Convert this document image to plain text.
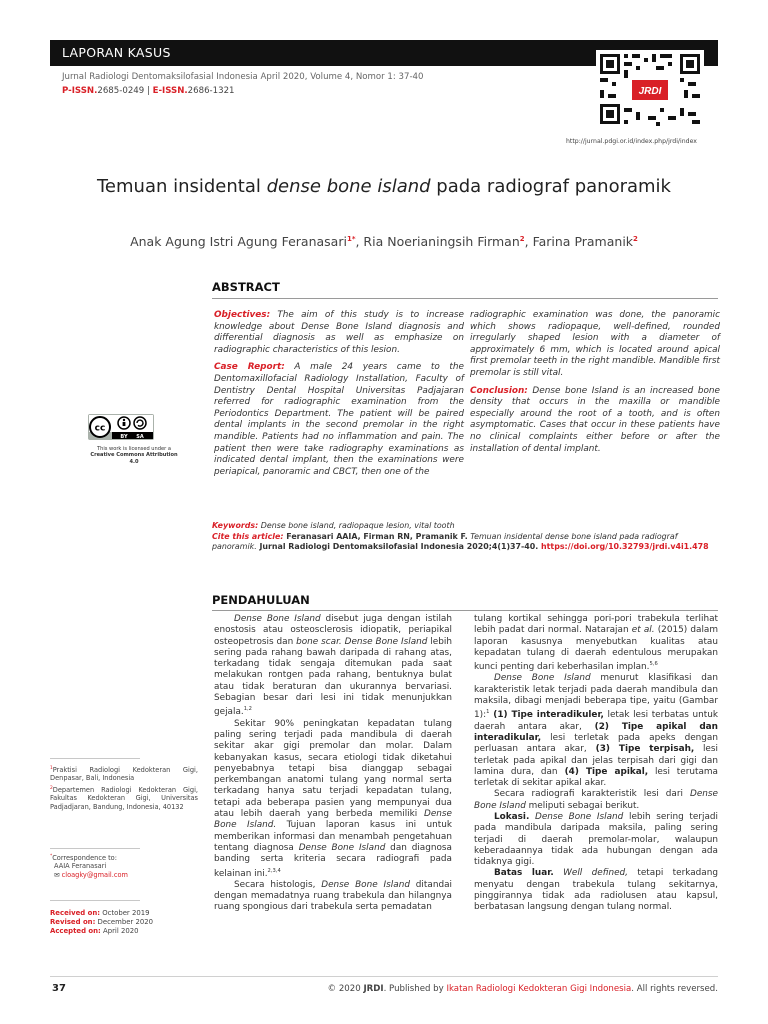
LAPORAN KASUS
Jurnal Radiologi Dentomaksilofasial Indonesia April 2020, Volume 4, Nomor 1: 37-40
P-ISSN.2685-0249 | E-ISSN.2686-1321	JRDI
http://jurnal.pdgi.or.id/index.php/jrdi/index
Temuan insidental dense bone island pada radiograf panoramik
Anak Agung Istri Agung Feranasari$^{1*}$, Ria Noerianingsih Firman$^2$, Farina Pramanik$^2$
ABSTRACT

Objectives: The aim of this study is to increase knowledge about Dense Bone Island diagnosis and differential diagnosis as well as emphasize on radiographic characteristics of this lesion.

Case Report: A male 24 years came to the Dentomaxillofacial Radiology Installation, Faculty of Dentistry Dental Hospital Universitas Padjajaran referred for radiographic examination from the Periodontics Department. The patient will be paired dental implants in the second premolar in the right mandible. Patients had no inflammation and pain. The patient then were take radiography examinations as indicated dental implant, then the examinations were periapical, panoramic and CBCT, then one of the

radiographic examination was done, the panoramic which shows radiopaque, well-defined, rounded irregularly shaped lesion with a diameter of approximately 6 mm, which is located around apical first premolar teeth in the right mandible. Mandible first premolar is still vital.

Conclusion: Dense bone Island is an increased bone density that occurs in the maxilla or mandible especially around the root of a tooth, and is often asymptomatic. Cases that occur in these patients have no clinical complaints either before or after the installation of dental implant.

cc
BY SA
This work is licensed under a
Creative Commons Attribution 4.0
Keywords: Dense bone island, radiopaque lesion, vital tooth
Cite this article: Feranasari AAIA, Firman RN, Pramanik F. Temuan insidental dense bone island pada radiograf panoramik. Jurnal Radiologi Dentomaksilofasial Indonesia 2020;4(1)37-40. https://doi.org/10.32793/jrdi.v4i1.478
PENDAHULUAN

Dense Bone Island disebut juga dengan istilah enostosis atau osteosclerosis idiopatik, periapikal osteopetrosis dan bone scar. Dense Bone Island lebih sering pada rahang bawah daripada di rahang atas, terkadang tidak sengaja ditemukan pada saat melakukan rontgen pada rahang, bentuknya bulat atau tidak beraturan dan ukurannya bervariasi. Sebagian besar dari lesi ini tidak menunjukkan gejala.$^{1,2}$

Sekitar 90% peningkatan kepadatan tulang paling sering terjadi pada mandibula di daerah sekitar akar gigi premolar dan molar. Dalam kebanyakan kasus, secara etiologi tidak diketahui penyebabnya tetapi bisa dianggap sebagai perkembangan anatomi tulang yang normal serta terkadang hanya satu terjadi kepadatan tulang, tetapi ada beberapa pasien yang mempunyai dua atau lebih daerah yang berbeda memiliki Dense Bone Island. Tujuan laporan kasus ini untuk memberikan informasi dan menambah pengetahuan tentang diagnosa Dense Bone Island dan diagnosa banding serta kriteria secara radiografi pada kelainan ini.$^{2,3,4}$

Secara histologis, Dense Bone Island ditandai dengan memadatnya ruang trabekula dan hilangnya ruang spongious dari trabekula serta pemadatan

tulang kortikal sehingga pori-pori trabekula terlihat lebih padat dari normal. Natarajan et al. (2015) dalam laporan kasusnya menyebutkan kualitas atau kepadatan tulang di daerah edentulous merupakan kunci penting dari keberhasilan implan.$^{5,6}$

Dense Bone Island menurut klasifikasi dan karakteristik letak terjadi pada daerah mandibula dan maksila, dibagi menjadi beberapa tipe, yaitu (Gambar 1):$^1$ (1) Tipe interadikuler, letak lesi terbatas untuk daerah antara akar, (2) Tipe apikal dan interadikular, lesi terletak pada apeks dengan perluasan antara akar, (3) Tipe terpisah, lesi terletak pada apikal dan jelas terpisah dari gigi dan lamina dura, dan (4) Tipe apikal, lesi terutama terletak di sekitar apikal akar.

Secara radiografi karakteristik lesi dari Dense Bone Island meliputi sebagai berikut.

Lokasi. Dense Bone Island lebih sering terjadi pada mandibula daripada maksila, paling sering terjadi di daerah premolar-molar, walaupun keberadaannya tidak ada hubungan dengan ada tidaknya gigi.

Batas luar. Well defined, tetapi terkadang menyatu dengan trabekula tulang sekitarnya, pinggirannya tidak ada radiolusen atau kapsul, berbatasan langsung dengan tulang normal.

$^1$Praktisi Radiologi Kedokteran Gigi, Denpasar, Bali, Indonesia
$^2$Departemen Radiologi Kedokteran Gigi, Fakultas Kedokteran Gigi, Universitas Padjadjaran, Bandung, Indonesia, 40132
*Correspondence to:
AAIA Feranasari
✉ cloagky@gmail.com
Received on: October 2019
Revised on: December 2020
Accepted on: April 2020
37	© 2020 JRDI. Published by Ikatan Radiologi Kedokteran Gigi Indonesia. All rights reversed.
